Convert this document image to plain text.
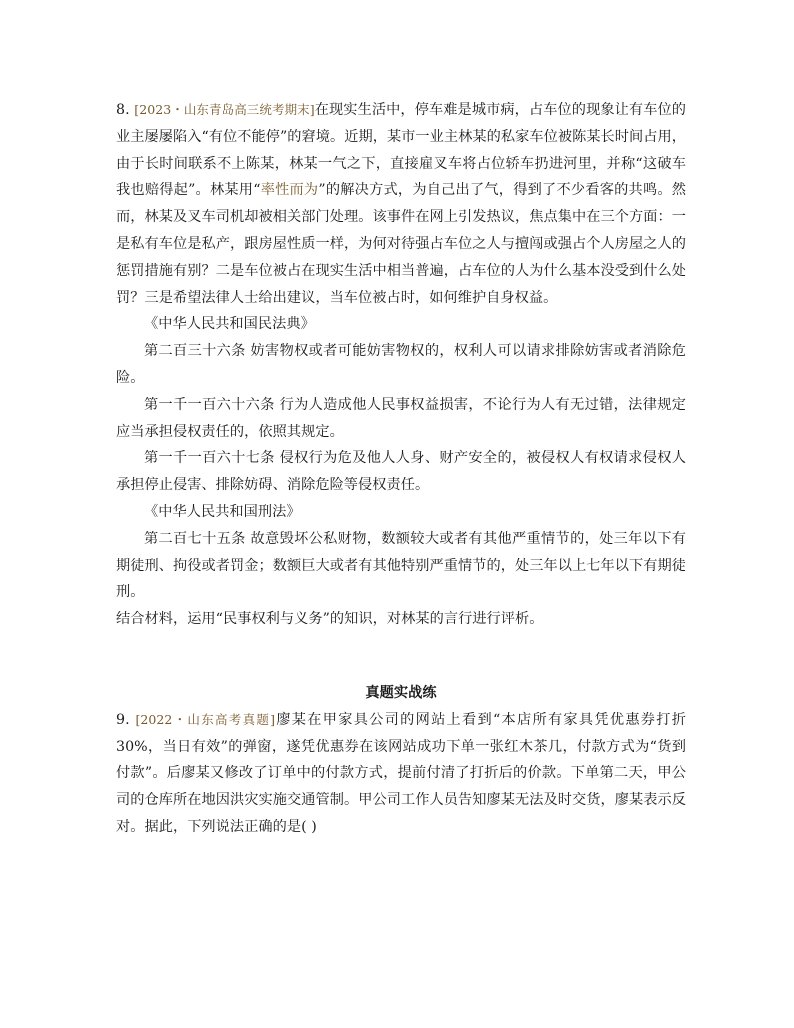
8. [2023・山东青岛高三统考期末]在现实生活中，停车难是城市病，占车位的现象让有车位的业主屡屡陷入“有位不能停”的窘境。近期，某市一业主林某的私家车位被陈某长时间占用，由于长时间联系不上陈某，林某一气之下，直接雇叉车将占位轿车扔进河里，并称“这破车我也赔得起”。林某用“率性而为”的解决方式，为自己出了气，得到了不少看客的共鸣。然而，林某及叉车司机却被相关部门处理。该事件在网上引发热议，焦点集中在三个方面：一是私有车位是私产，跟房屋性质一样，为何对待强占车位之人与擅闯或强占个人房屋之人的惩罚措施有别？二是车位被占在现实生活中相当普遍，占车位的人为什么基本没受到什么处罚？三是希望法律人士给出建议，当车位被占时，如何维护自身权益。

《中华人民共和国民法典》

第二百三十六条 妨害物权或者可能妨害物权的，权利人可以请求排除妨害或者消除危险。

第一千一百六十六条 行为人造成他人民事权益损害，不论行为人有无过错，法律规定应当承担侵权责任的，依照其规定。

第一千一百六十七条 侵权行为危及他人人身、财产安全的，被侵权人有权请求侵权人承担停止侵害、排除妨碍、消除危险等侵权责任。

《中华人民共和国刑法》

第二百七十五条 故意毁坏公私财物，数额较大或者有其他严重情节的，处三年以下有期徒刑、拘役或者罚金；数额巨大或者有其他特别严重情节的，处三年以上七年以下有期徒刑。

结合材料，运用“民事权利与义务”的知识，对林某的言行进行评析。

真题实战练

9. [2022・山东高考真题]廖某在甲家具公司的网站上看到“本店所有家具凭优惠券打折 30%，当日有效”的弹窗，遂凭优惠券在该网站成功下单一张红木茶几，付款方式为“货到付款”。后廖某又修改了订单中的付款方式，提前付清了打折后的价款。下单第二天，甲公司的仓库所在地因洪灾实施交通管制。甲公司工作人员告知廖某无法及时交货，廖某表示反对。据此，下列说法正确的是( )
